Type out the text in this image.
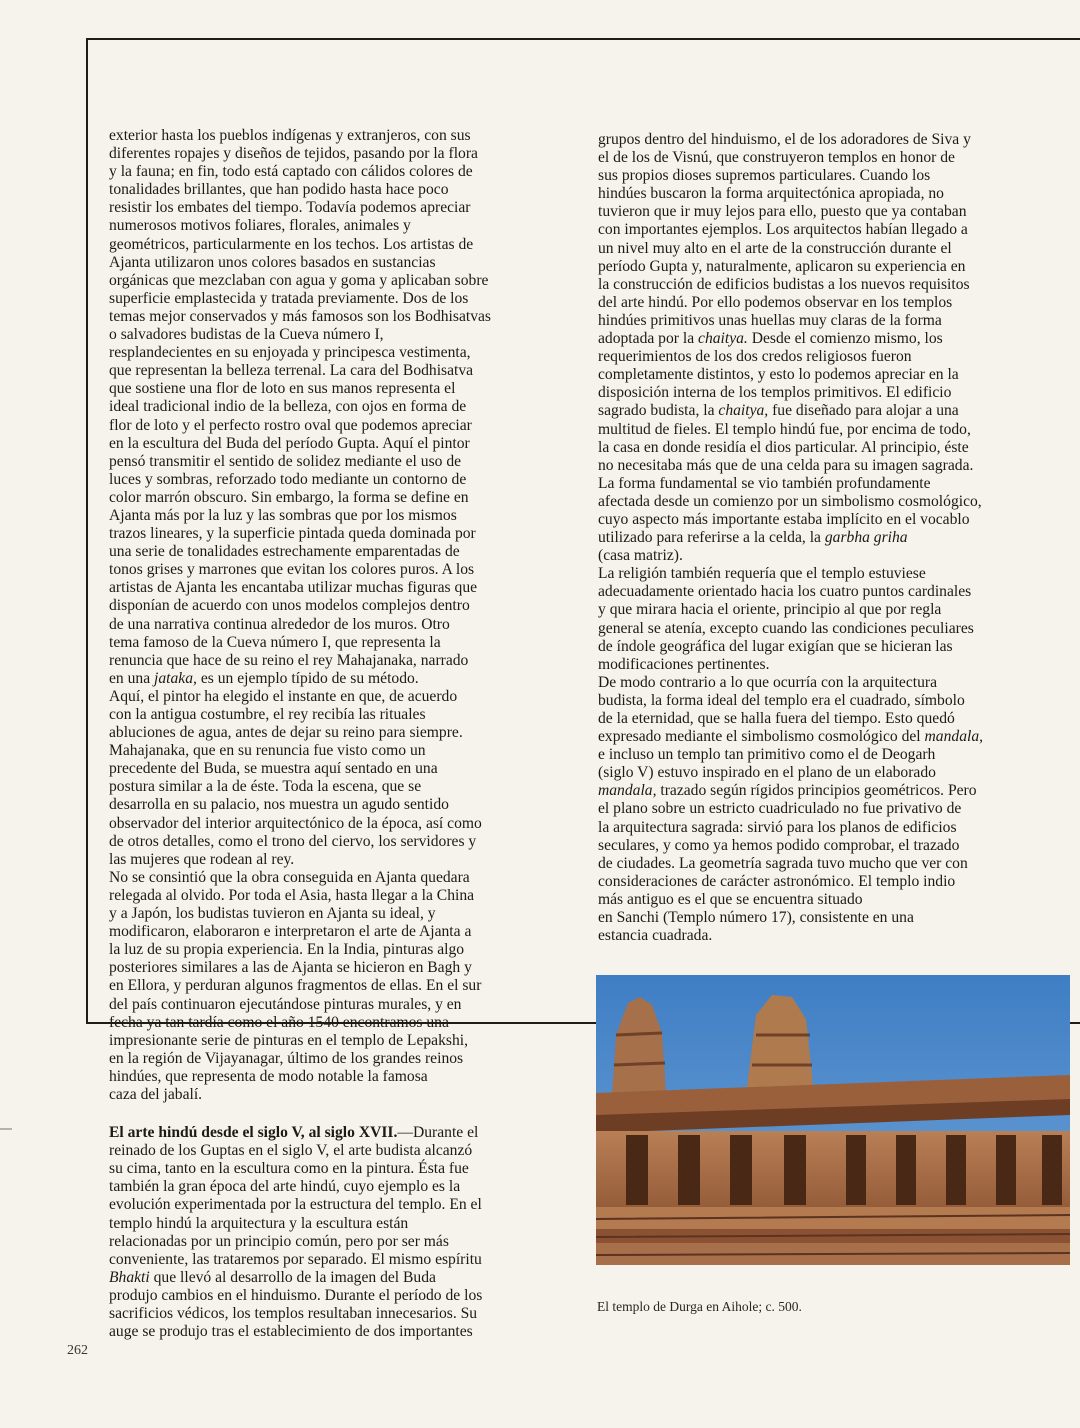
exterior hasta los pueblos indígenas y extranjeros, con sus

diferentes ropajes y diseños de tejidos, pasando por la flora

y la fauna; en fin, todo está captado con cálidos colores de

tonalidades brillantes, que han podido hasta hace poco

resistir los embates del tiempo. Todavía podemos apreciar

numerosos motivos foliares, florales, animales y

geométricos, particularmente en los techos. Los artistas de

Ajanta utilizaron unos colores basados en sustancias

orgánicas que mezclaban con agua y goma y aplicaban sobre

superficie emplastecida y tratada previamente. Dos de los

temas mejor conservados y más famosos son los Bodhisatvas

o salvadores budistas de la Cueva número I,

resplandecientes en su enjoyada y principesca vestimenta,

que representan la belleza terrenal. La cara del Bodhisatva

que sostiene una flor de loto en sus manos representa el

ideal tradicional indio de la belleza, con ojos en forma de

flor de loto y el perfecto rostro oval que podemos apreciar

en la escultura del Buda del período Gupta. Aquí el pintor

pensó transmitir el sentido de solidez mediante el uso de

luces y sombras, reforzado todo mediante un contorno de

color marrón obscuro. Sin embargo, la forma se define en

Ajanta más por la luz y las sombras que por los mismos

trazos lineares, y la superficie pintada queda dominada por

una serie de tonalidades estrechamente emparentadas de

tonos grises y marrones que evitan los colores puros. A los

artistas de Ajanta les encantaba utilizar muchas figuras que

disponían de acuerdo con unos modelos complejos dentro

de una narrativa continua alrededor de los muros. Otro

tema famoso de la Cueva número I, que representa la

renuncia que hace de su reino el rey Mahajanaka, narrado

en una jataka, es un ejemplo típido de su método.

Aquí, el pintor ha elegido el instante en que, de acuerdo

con la antigua costumbre, el rey recibía las rituales

abluciones de agua, antes de dejar su reino para siempre.

Mahajanaka, que en su renuncia fue visto como un

precedente del Buda, se muestra aquí sentado en una

postura similar a la de éste. Toda la escena, que se

desarrolla en su palacio, nos muestra un agudo sentido

observador del interior arquitectónico de la época, así como

de otros detalles, como el trono del ciervo, los servidores y

las mujeres que rodean al rey.

No se consintió que la obra conseguida en Ajanta quedara

relegada al olvido. Por toda el Asia, hasta llegar a la China

y a Japón, los budistas tuvieron en Ajanta su ideal, y

modificaron, elaboraron e interpretaron el arte de Ajanta a

la luz de su propia experiencia. En la India, pinturas algo

posteriores similares a las de Ajanta se hicieron en Bagh y

en Ellora, y perduran algunos fragmentos de ellas. En el sur

del país continuaron ejecutándose pinturas murales, y en

fecha ya tan tardía como el año 1540 encontramos una

impresionante serie de pinturas en el templo de Lepakshi,

en la región de Vijayanagar, último de los grandes reinos

hindúes, que representa de modo notable la famosa

caza del jabalí.

El arte hindú desde el siglo V, al siglo XVII.—Durante el

reinado de los Guptas en el siglo V, el arte budista alcanzó

su cima, tanto en la escultura como en la pintura. Ésta fue

también la gran época del arte hindú, cuyo ejemplo es la

evolución experimentada por la estructura del templo. En el

templo hindú la arquitectura y la escultura están

relacionadas por un principio común, pero por ser más

conveniente, las trataremos por separado. El mismo espíritu

Bhakti que llevó al desarrollo de la imagen del Buda

produjo cambios en el hinduismo. Durante el período de los

sacrificios védicos, los templos resultaban innecesarios. Su

auge se produjo tras el establecimiento de dos importantes

grupos dentro del hinduismo, el de los adoradores de Siva y

el de los de Visnú, que construyeron templos en honor de

sus propios dioses supremos particulares. Cuando los

hindúes buscaron la forma arquitectónica apropiada, no

tuvieron que ir muy lejos para ello, puesto que ya contaban

con importantes ejemplos. Los arquitectos habían llegado a

un nivel muy alto en el arte de la construcción durante el

período Gupta y, naturalmente, aplicaron su experiencia en

la construcción de edificios budistas a los nuevos requisitos

del arte hindú. Por ello podemos observar en los templos

hindúes primitivos unas huellas muy claras de la forma

adoptada por la chaitya. Desde el comienzo mismo, los

requerimientos de los dos credos religiosos fueron

completamente distintos, y esto lo podemos apreciar en la

disposición interna de los templos primitivos. El edificio

sagrado budista, la chaitya, fue diseñado para alojar a una

multitud de fieles. El templo hindú fue, por encima de todo,

la casa en donde residía el dios particular. Al principio, éste

no necesitaba más que de una celda para su imagen sagrada.

La forma fundamental se vio también profundamente

afectada desde un comienzo por un simbolismo cosmológico,

cuyo aspecto más importante estaba implícito en el vocablo

utilizado para referirse a la celda, la garbha griha

(casa matriz).

La religión también requería que el templo estuviese

adecuadamente orientado hacia los cuatro puntos cardinales

y que mirara hacia el oriente, principio al que por regla

general se atenía, excepto cuando las condiciones peculiares

de índole geográfica del lugar exigían que se hicieran las

modificaciones pertinentes.

De modo contrario a lo que ocurría con la arquitectura

budista, la forma ideal del templo era el cuadrado, símbolo

de la eternidad, que se halla fuera del tiempo. Esto quedó

expresado mediante el simbolismo cosmológico del mandala,

e incluso un templo tan primitivo como el de Deogarh

(siglo V) estuvo inspirado en el plano de un elaborado

mandala, trazado según rígidos principios geométricos. Pero

el plano sobre un estricto cuadriculado no fue privativo de

la arquitectura sagrada: sirvió para los planos de edificios

seculares, y como ya hemos podido comprobar, el trazado

de ciudades. La geometría sagrada tuvo mucho que ver con

consideraciones de carácter astronómico. El templo indio

más antiguo es el que se encuentra situado

en Sanchi (Templo número 17), consistente en una

estancia cuadrada.

El templo de Durga en Aihole; c. 500.
262
